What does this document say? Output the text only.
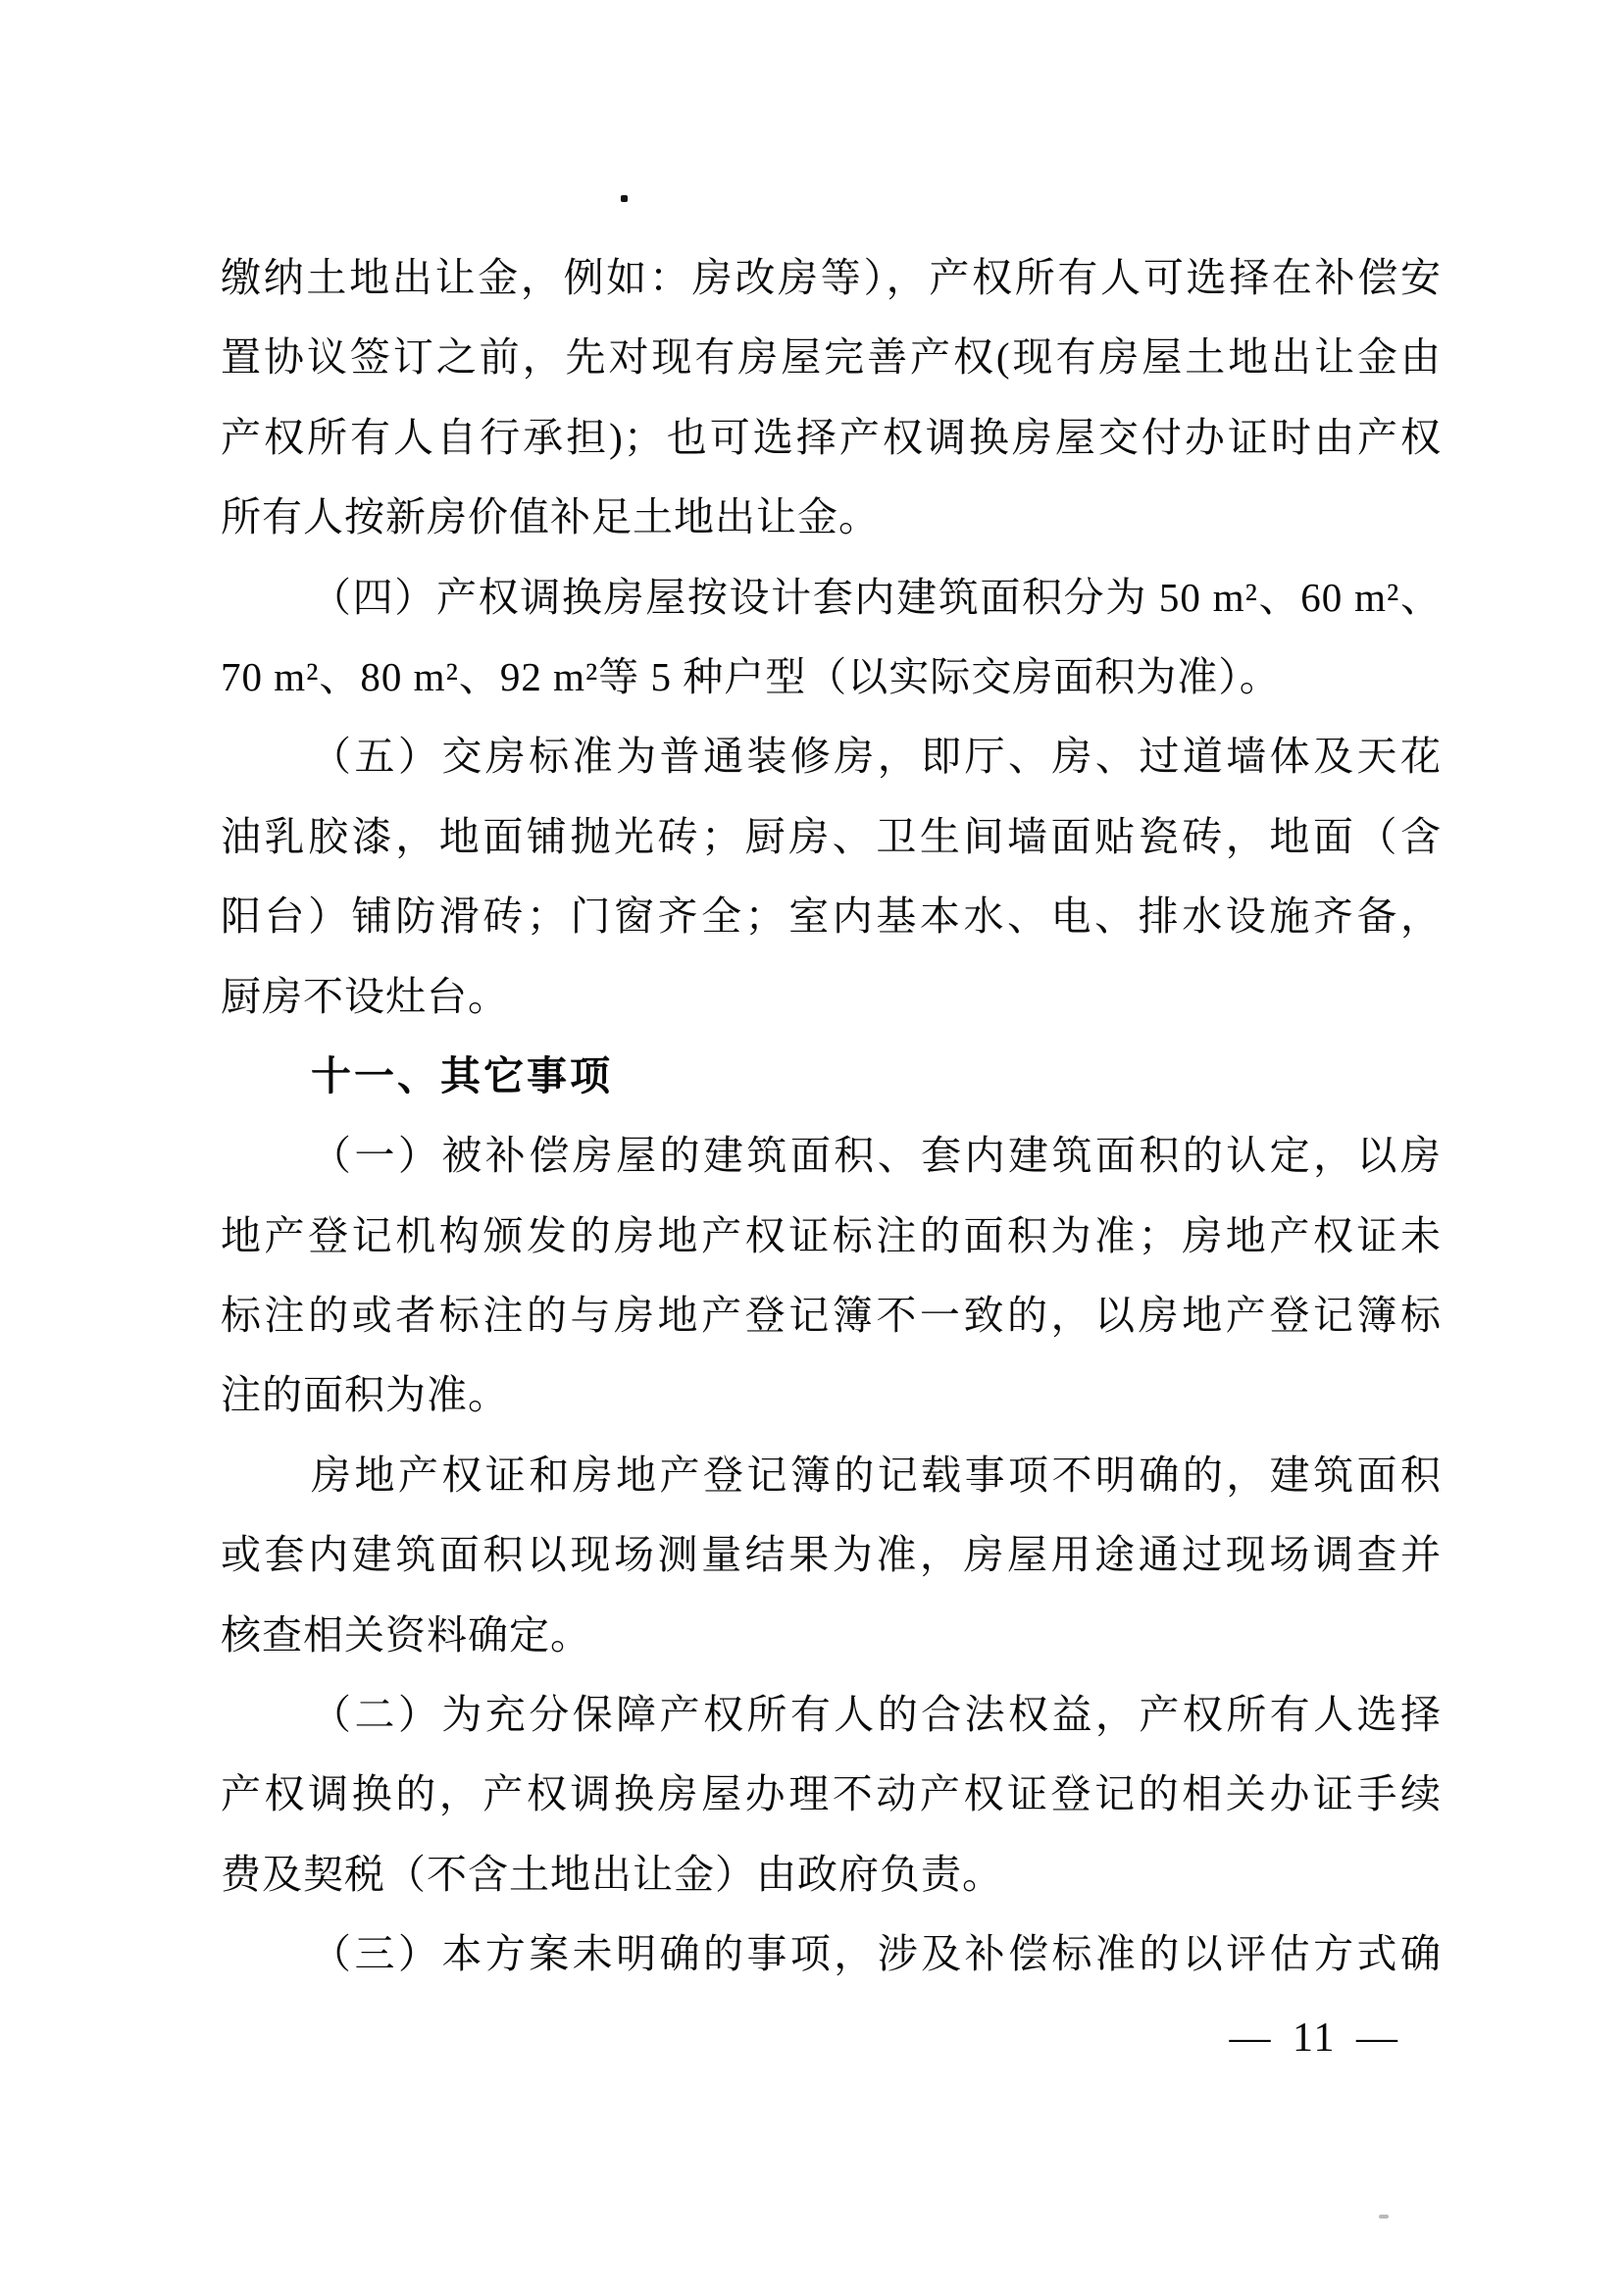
缴纳土地出让金，例如：房改房等），产权所有人可选择在补偿安
置协议签订之前，先对现有房屋完善产权(现有房屋土地出让金由
产权所有人自行承担)；也可选择产权调换房屋交付办证时由产权
所有人按新房价值补足土地出让金。
（四）产权调换房屋按设计套内建筑面积分为 50 m²、60 m²、
70 m²、80 m²、92 m²等 5 种户型（以实际交房面积为准）。
（五）交房标准为普通装修房，即厅、房、过道墙体及天花
油乳胶漆，地面铺抛光砖；厨房、卫生间墙面贴瓷砖，地面（含
阳台）铺防滑砖；门窗齐全；室内基本水、电、排水设施齐备，
厨房不设灶台。
十一、其它事项
（一）被补偿房屋的建筑面积、套内建筑面积的认定，以房
地产登记机构颁发的房地产权证标注的面积为准；房地产权证未
标注的或者标注的与房地产登记簿不一致的，以房地产登记簿标
注的面积为准。
房地产权证和房地产登记簿的记载事项不明确的，建筑面积
或套内建筑面积以现场测量结果为准，房屋用途通过现场调查并
核查相关资料确定。
（二）为充分保障产权所有人的合法权益，产权所有人选择
产权调换的，产权调换房屋办理不动产权证登记的相关办证手续
费及契税（不含土地出让金）由政府负责。
（三）本方案未明确的事项，涉及补偿标准的以评估方式确
— 11 —
